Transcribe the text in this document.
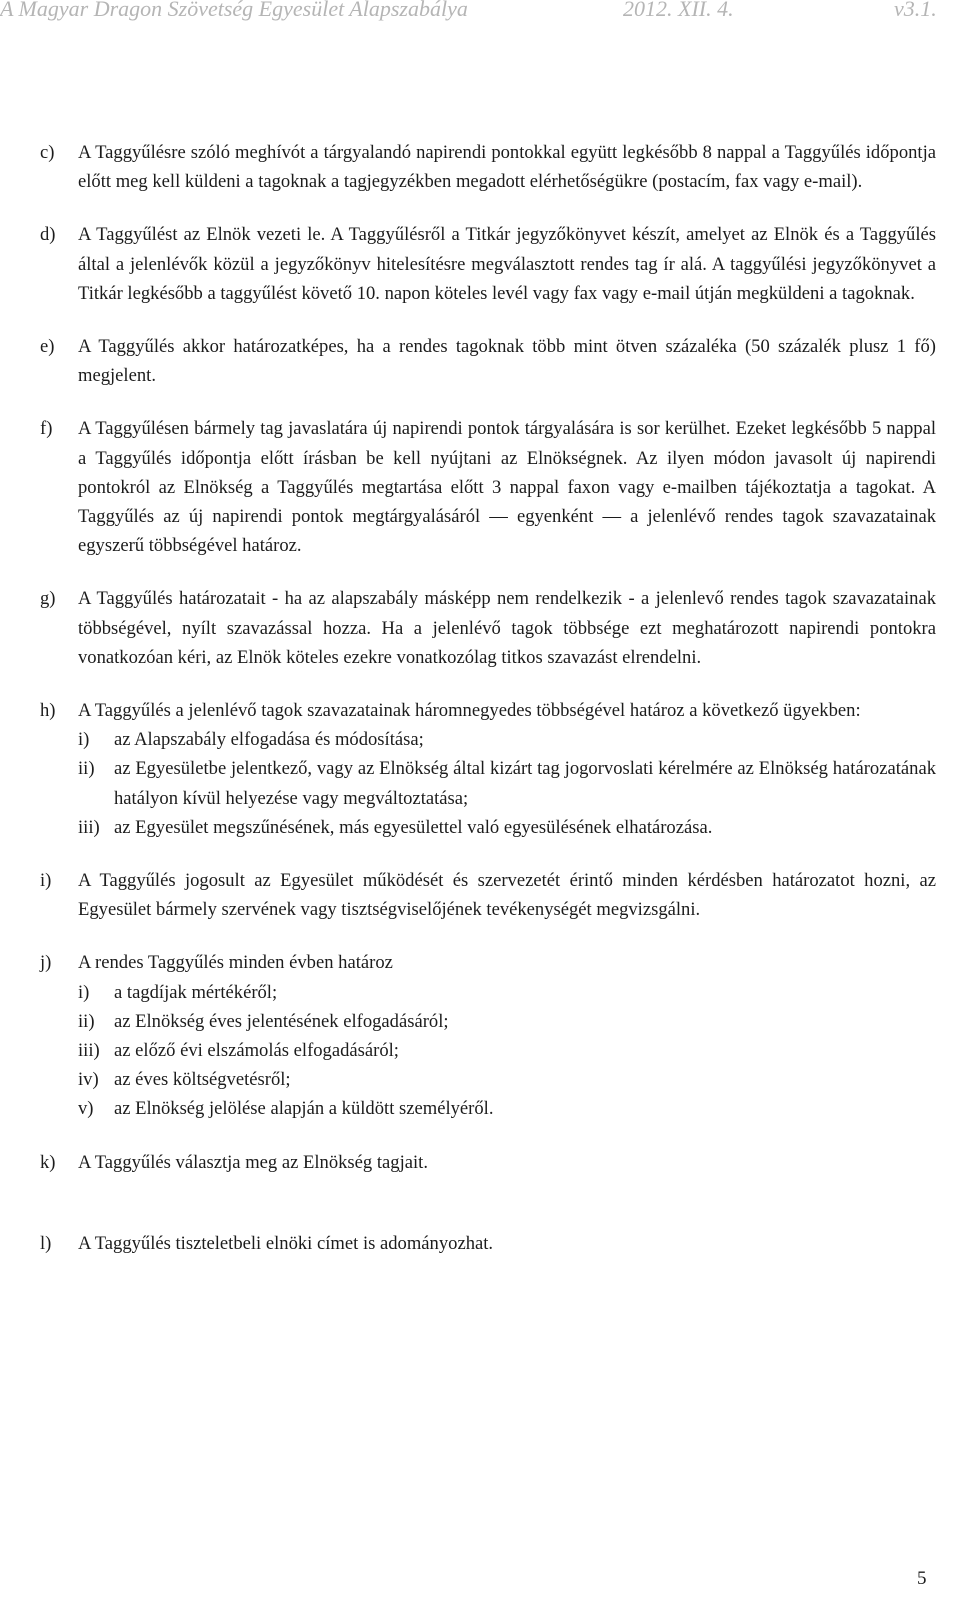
A Magyar Dragon Szövetség Egyesület Alapszabálya	2012. XII. 4.	v3.1.
c)	A Taggyűlésre szóló meghívót a tárgyalandó napirendi pontokkal együtt legkésőbb 8 nappal a Taggyűlés időpontja előtt meg kell küldeni a tagoknak a tagjegyzékben megadott elérhetőségükre (postacím, fax vagy e-mail).
d)	A Taggyűlést az Elnök vezeti le. A Taggyűlésről a Titkár jegyzőkönyvet készít, amelyet az Elnök és a Taggyűlés által a jelenlévők közül a jegyzőkönyv hitelesítésre megválasztott rendes tag ír alá. A taggyűlési jegyzőkönyvet a Titkár legkésőbb a taggyűlést követő 10. napon köteles levél vagy fax vagy e-mail útján megküldeni a tagoknak.
e)	A Taggyűlés akkor határozatképes, ha a rendes tagoknak több mint ötven százaléka (50 százalék plusz 1 fő) megjelent.
f)	A Taggyűlésen bármely tag javaslatára új napirendi pontok tárgyalására is sor kerülhet. Ezeket legkésőbb 5 nappal a Taggyűlés időpontja előtt írásban be kell nyújtani az Elnökségnek. Az ilyen módon javasolt új napirendi pontokról az Elnökség a Taggyűlés megtartása előtt 3 nappal faxon vagy e-mailben tájékoztatja a tagokat. A Taggyűlés az új napirendi pontok megtárgyalásáról — egyenként — a jelenlévő rendes tagok szavazatainak egyszerű többségével határoz.
g)	A Taggyűlés határozatait - ha az alapszabály másképp nem rendelkezik - a jelenlevő rendes tagok szavazatainak többségével, nyílt szavazással hozza. Ha a jelenlévő tagok többsége ezt meghatározott napirendi pontokra vonatkozóan kéri, az Elnök köteles ezekre vonatkozólag titkos szavazást elrendelni.
h)	A Taggyűlés a jelenlévő tagok szavazatainak háromnegyedes többségével határoz a következő ügyekben:
i)	az Alapszabály elfogadása és módosítása;
ii)	az Egyesületbe jelentkező, vagy az Elnökség által kizárt tag jogorvoslati kérelmére az Elnökség határozatának hatályon kívül helyezése vagy megváltoztatása;
iii) az Egyesület megszűnésének, más egyesülettel való egyesülésének elhatározása.
i)	A Taggyűlés jogosult az Egyesület működését és szervezetét érintő minden kérdésben határozatot hozni, az Egyesület bármely szervének vagy tisztségviselőjének tevékenységét megvizsgálni.
j)	A rendes Taggyűlés minden évben határoz
i)	a tagdíjak mértékéről;
ii)	az Elnökség éves jelentésének elfogadásáról;
iii) az előző évi elszámolás elfogadásáról;
iv) az éves költségvetésről;
v)	az Elnökség jelölése alapján a küldött személyéről.
k)	A Taggyűlés választja meg az Elnökség tagjait.
l)	A Taggyűlés tiszteletbeli elnöki címet is adományozhat.
5
